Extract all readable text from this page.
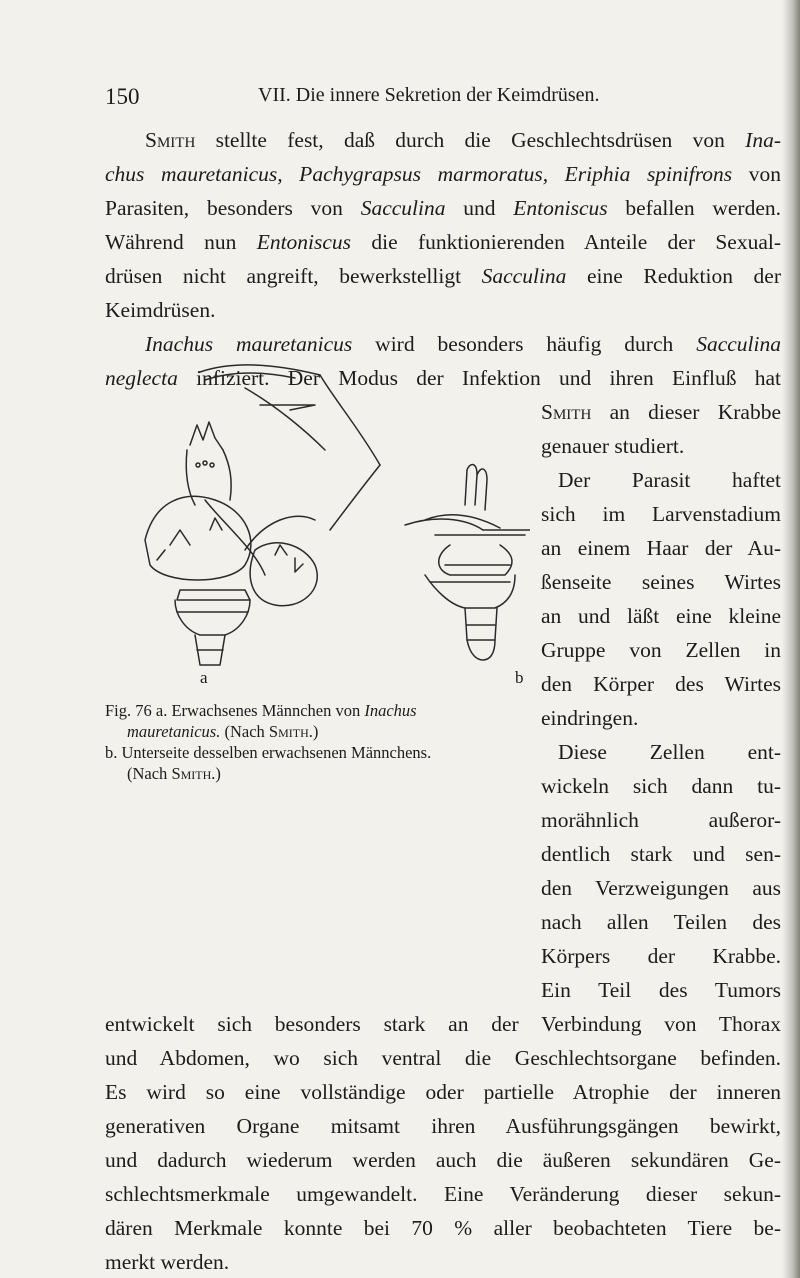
150	VII. Die innere Sekretion der Keimdrüsen.
Smith stellte fest, daß durch die Geschlechtsdrüsen von Ina-
chus mauretanicus, Pachygrapsus marmoratus, Eriphia spinifrons von
Parasiten, besonders von Sacculina und Entoniscus befallen werden.
Während nun Entoniscus die funktionierenden Anteile der Sexual-
drüsen nicht angreift, bewerkstelligt Sacculina eine Reduktion der
Keimdrüsen.
Inachus mauretanicus wird besonders häufig durch Sacculina
neglecta infiziert. Der Modus der Infektion und ihren Einfluß hat
Smith an dieser Krabbe
genauer studiert.
Der Parasit haftet
sich im Larvenstadium
an einem Haar der Au-
ßenseite seines Wirtes
an und läßt eine kleine
Gruppe von Zellen in
den Körper des Wirtes
eindringen.
Diese Zellen ent-
wickeln sich dann tu-
morähnlich außeror-
dentlich stark und sen-
den Verzweigungen aus
nach allen Teilen des
Körpers der Krabbe.
Ein Teil des Tumors
a	b
Fig. 76 a. Erwachsenes Männchen von Inachus
mauretanicus. (Nach Smith.)
b. Unterseite desselben erwachsenen Männchens.
(Nach Smith.)
entwickelt sich besonders stark an der Verbindung von Thorax
und Abdomen, wo sich ventral die Geschlechtsorgane befinden.
Es wird so eine vollständige oder partielle Atrophie der inneren
generativen Organe mitsamt ihren Ausführungsgängen bewirkt,
und dadurch wiederum werden auch die äußeren sekundären Ge-
schlechtsmerkmale umgewandelt. Eine Veränderung dieser sekun-
dären Merkmale konnte bei 70 % aller beobachteten Tiere be-
merkt werden.
